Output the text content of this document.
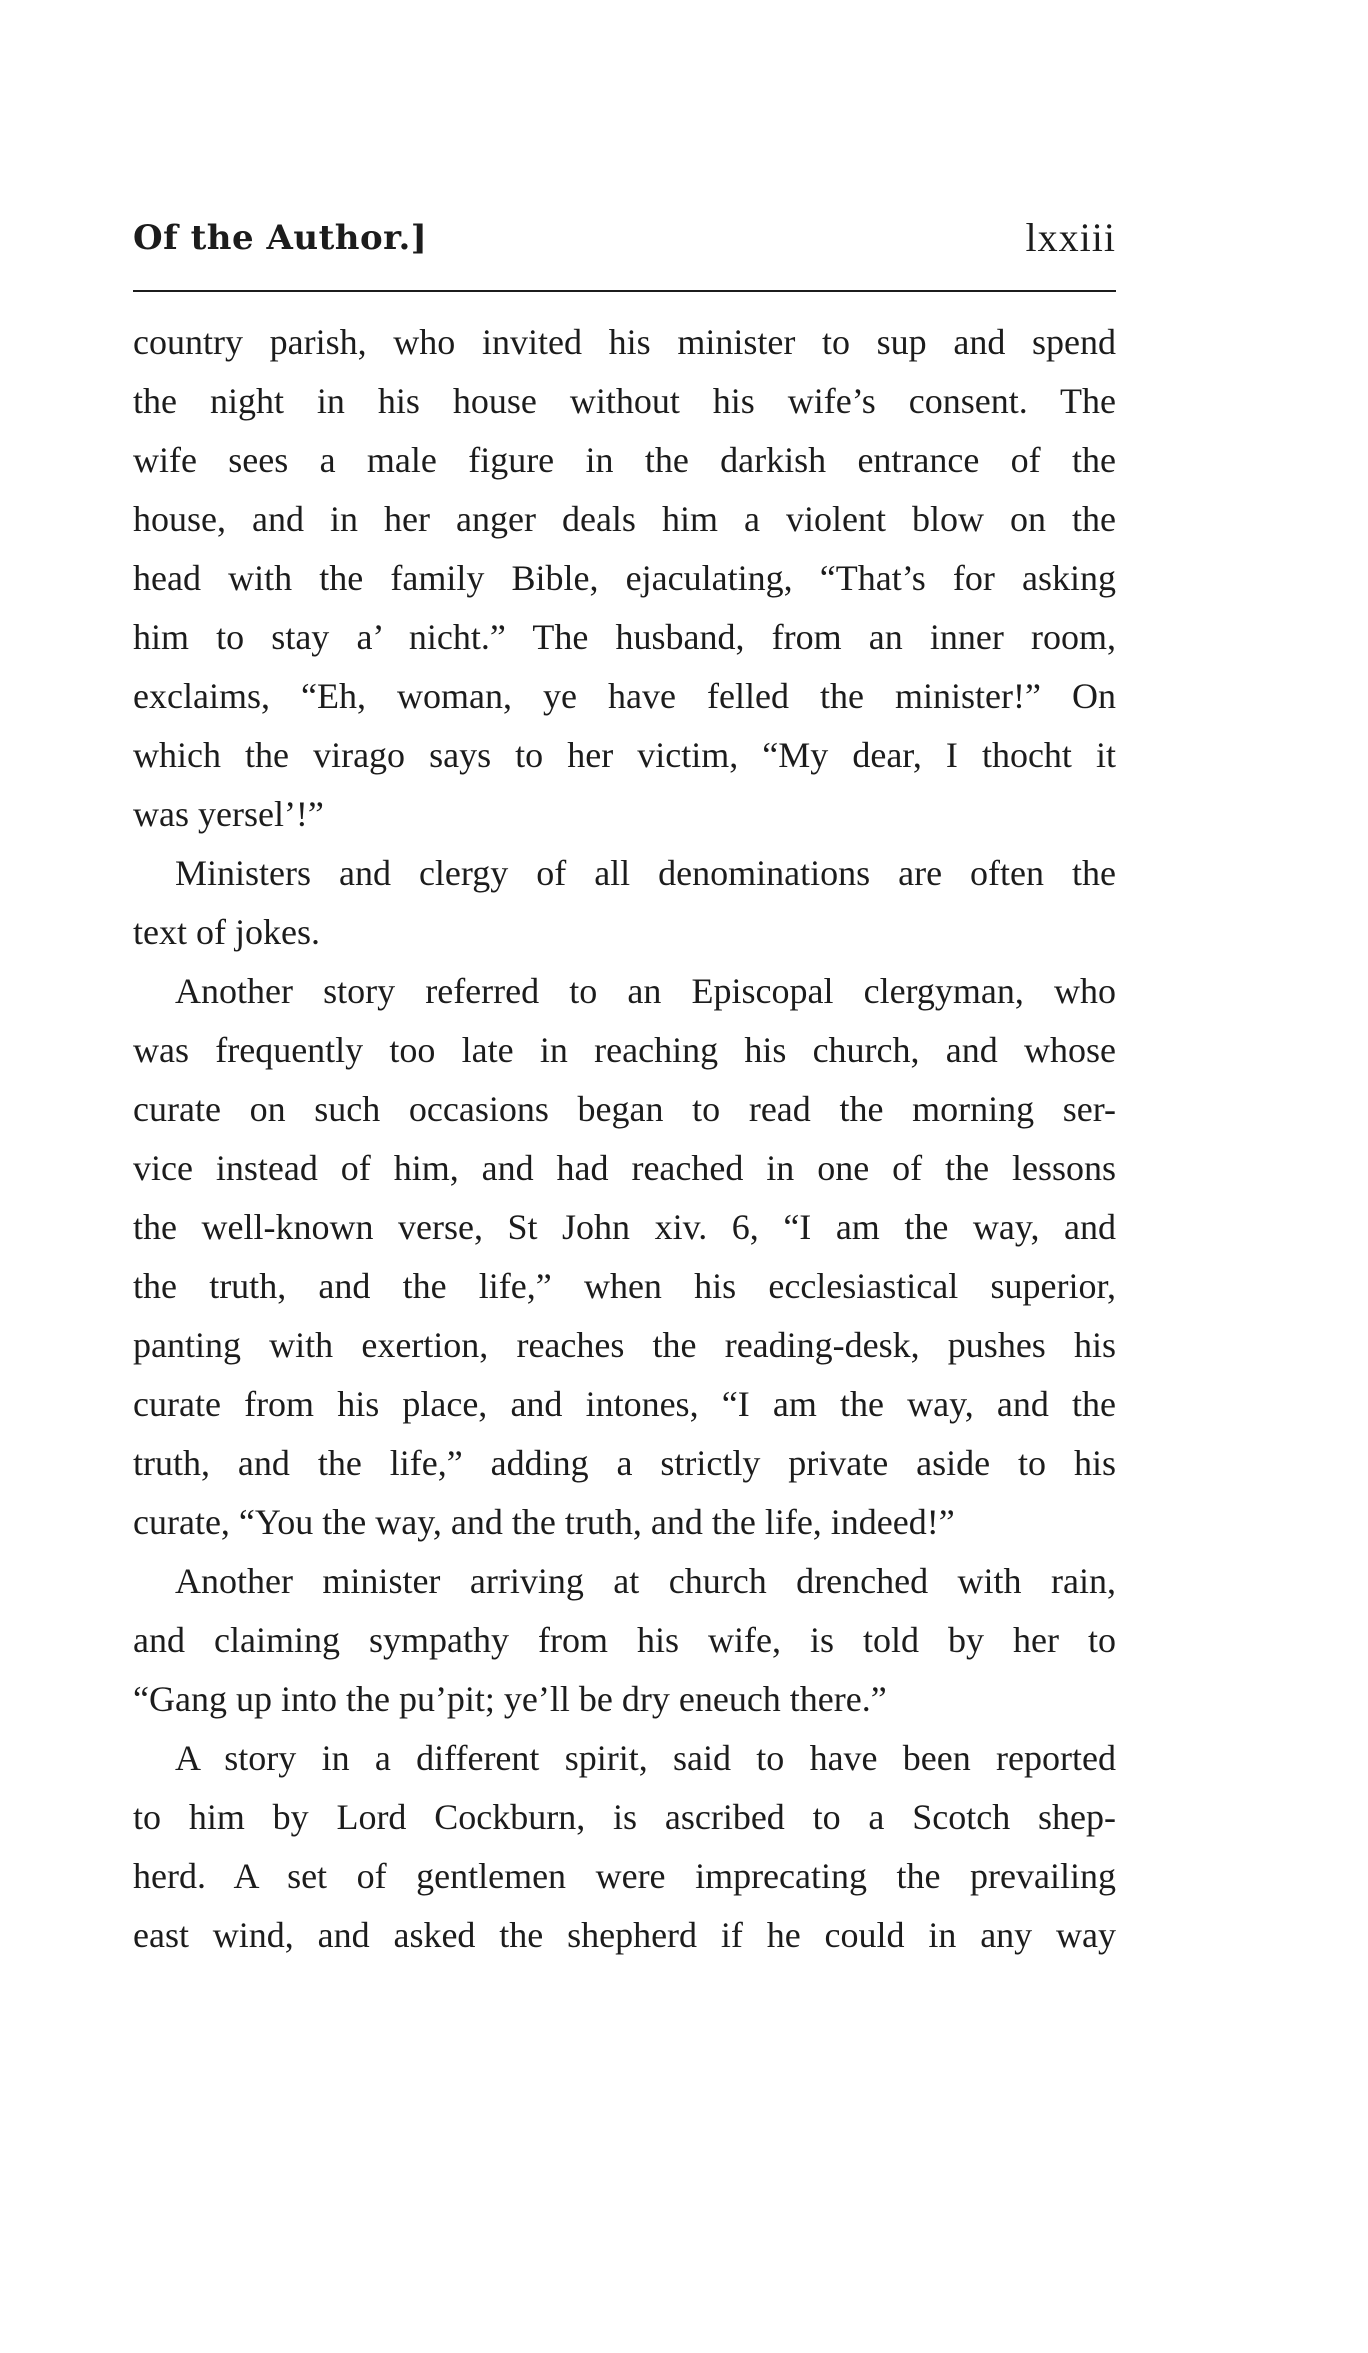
Of the Author.]	lxxiii
country parish, who invited his minister to sup and spend
the night in his house without his wife’s consent. The
wife sees a male figure in the darkish entrance of the
house, and in her anger deals him a violent blow on the
head with the family Bible, ejaculating, “That’s for asking
him to stay a’ nicht.” The husband, from an inner room,
exclaims, “Eh, woman, ye have felled the minister!” On
which the virago says to her victim, “My dear, I thocht it
was yersel’!”
Ministers and clergy of all denominations are often the
text of jokes.
Another story referred to an Episcopal clergyman, who
was frequently too late in reaching his church, and whose
curate on such occasions began to read the morning ser-
vice instead of him, and had reached in one of the lessons
the well-known verse, St John xiv. 6, “I am the way, and
the truth, and the life,” when his ecclesiastical superior,
panting with exertion, reaches the reading-desk, pushes his
curate from his place, and intones, “I am the way, and the
truth, and the life,” adding a strictly private aside to his
curate, “You the way, and the truth, and the life, indeed!”
Another minister arriving at church drenched with rain,
and claiming sympathy from his wife, is told by her to
“Gang up into the pu’pit; ye’ll be dry eneuch there.”
A story in a different spirit, said to have been reported
to him by Lord Cockburn, is ascribed to a Scotch shep-
herd. A set of gentlemen were imprecating the prevailing
east wind, and asked the shepherd if he could in any way
